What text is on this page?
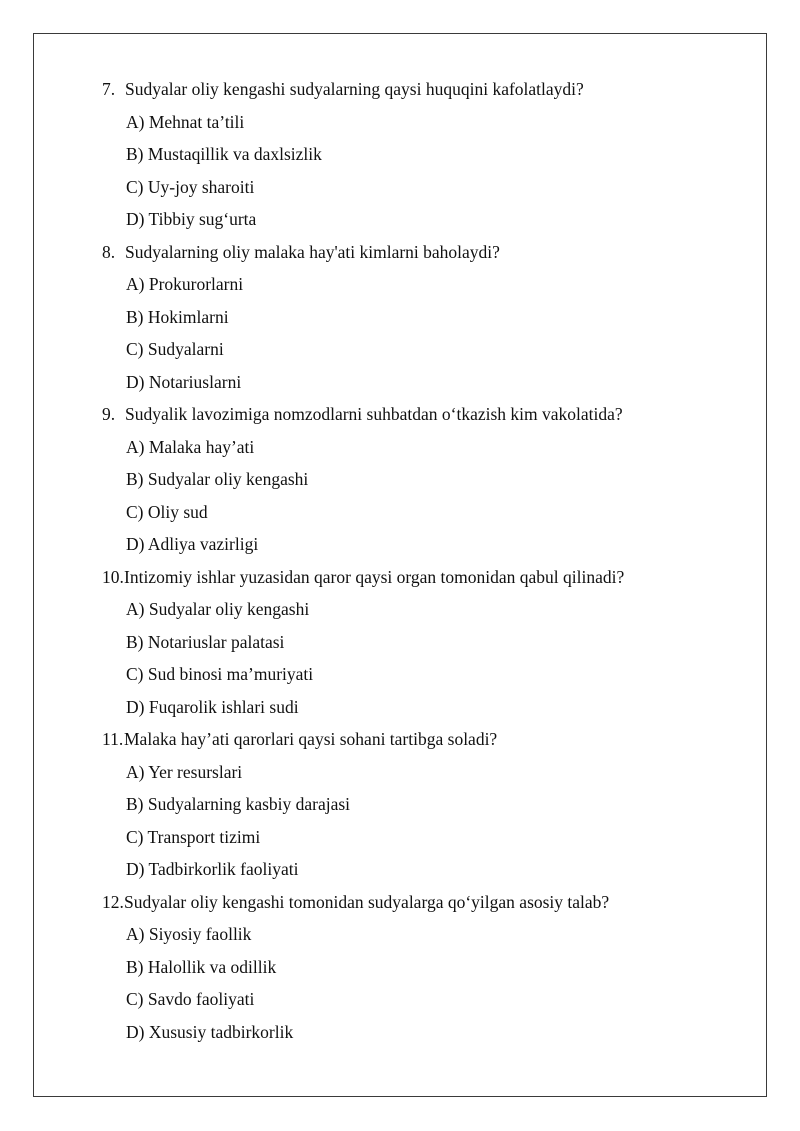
7. Sudyalar oliy kengashi sudyalarning qaysi huquqini kafolatlaydi?
A) Mehnat ta’tili
B) Mustaqillik va daxlsizlik
C) Uy-joy sharoiti
D) Tibbiy sug‘urta
8. Sudyalarning oliy malaka hay'ati kimlarni baholaydi?
A) Prokurorlarni
B) Hokimlarni
C) Sudyalarni
D) Notariuslarni
9. Sudyalik lavozimiga nomzodlarni suhbatdan o‘tkazish kim vakolatida?
A) Malaka hay’ati
B) Sudyalar oliy kengashi
C) Oliy sud
D) Adliya vazirligi
10. Intizomiy ishlar yuzasidan qaror qaysi organ tomonidan qabul qilinadi?
A) Sudyalar oliy kengashi
B) Notariuslar palatasi
C) Sud binosi ma’muriyati
D) Fuqarolik ishlari sudi
11. Malaka hay’ati qarorlari qaysi sohani tartibga soladi?
A) Yer resurslari
B) Sudyalarning kasbiy darajasi
C) Transport tizimi
D) Tadbirkorlik faoliyati
12. Sudyalar oliy kengashi tomonidan sudyalarga qo‘yilgan asosiy talab?
A) Siyosiy faollik
B) Halollik va odillik
C) Savdo faoliyati
D) Xususiy tadbirkorlik
